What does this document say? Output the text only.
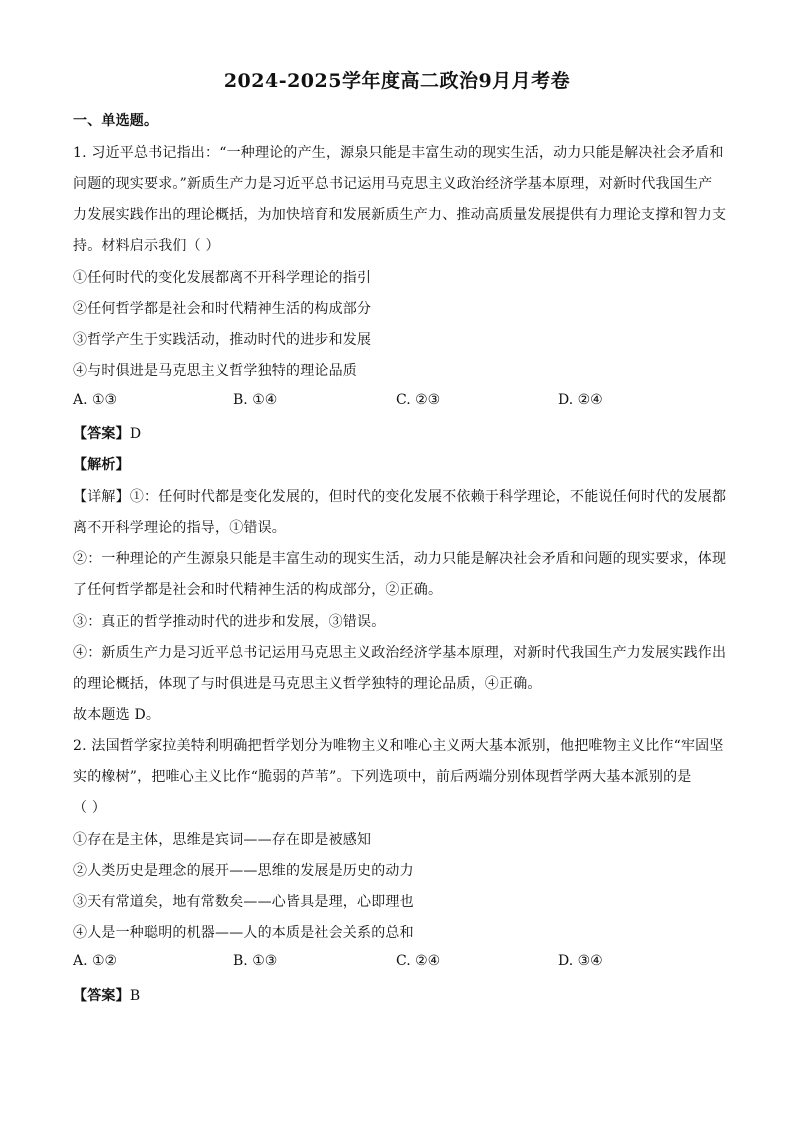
2024-2025学年度高二政治9月月考卷
一、单选题。
1. 习近平总书记指出：“一种理论的产生，源泉只能是丰富生动的现实生活，动力只能是解决社会矛盾和
问题的现实要求。”新质生产力是习近平总书记运用马克思主义政治经济学基本原理，对新时代我国生产
力发展实践作出的理论概括，为加快培育和发展新质生产力、推动高质量发展提供有力理论支撑和智力支
持。材料启示我们（ ）
①任何时代的变化发展都离不开科学理论的指引
②任何哲学都是社会和时代精神生活的构成部分
③哲学产生于实践活动，推动时代的进步和发展
④与时俱进是马克思主义哲学独特的理论品质
A. ①③	B. ①④	C. ②③	D. ②④
【答案】D
【解析】
【详解】①：任何时代都是变化发展的，但时代的变化发展不依赖于科学理论，不能说任何时代的发展都
离不开科学理论的指导，①错误。
②：一种理论的产生源泉只能是丰富生动的现实生活，动力只能是解决社会矛盾和问题的现实要求，体现
了任何哲学都是社会和时代精神生活的构成部分，②正确。
③：真正的哲学推动时代的进步和发展，③错误。
④：新质生产力是习近平总书记运用马克思主义政治经济学基本原理，对新时代我国生产力发展实践作出
的理论概括，体现了与时俱进是马克思主义哲学独特的理论品质，④正确。
故本题选 D。
2. 法国哲学家拉美特利明确把哲学划分为唯物主义和唯心主义两大基本派别，他把唯物主义比作“牢固坚
实的橡树”，把唯心主义比作“脆弱的芦苇”。下列选项中，前后两端分别体现哲学两大基本派别的是
（ ）
①存在是主体，思维是宾词——存在即是被感知
②人类历史是理念的展开——思维的发展是历史的动力
③天有常道矣，地有常数矣——心皆具是理，心即理也
④人是一种聪明的机器——人的本质是社会关系的总和
A. ①②	B. ①③	C. ②④	D. ③④
【答案】B
